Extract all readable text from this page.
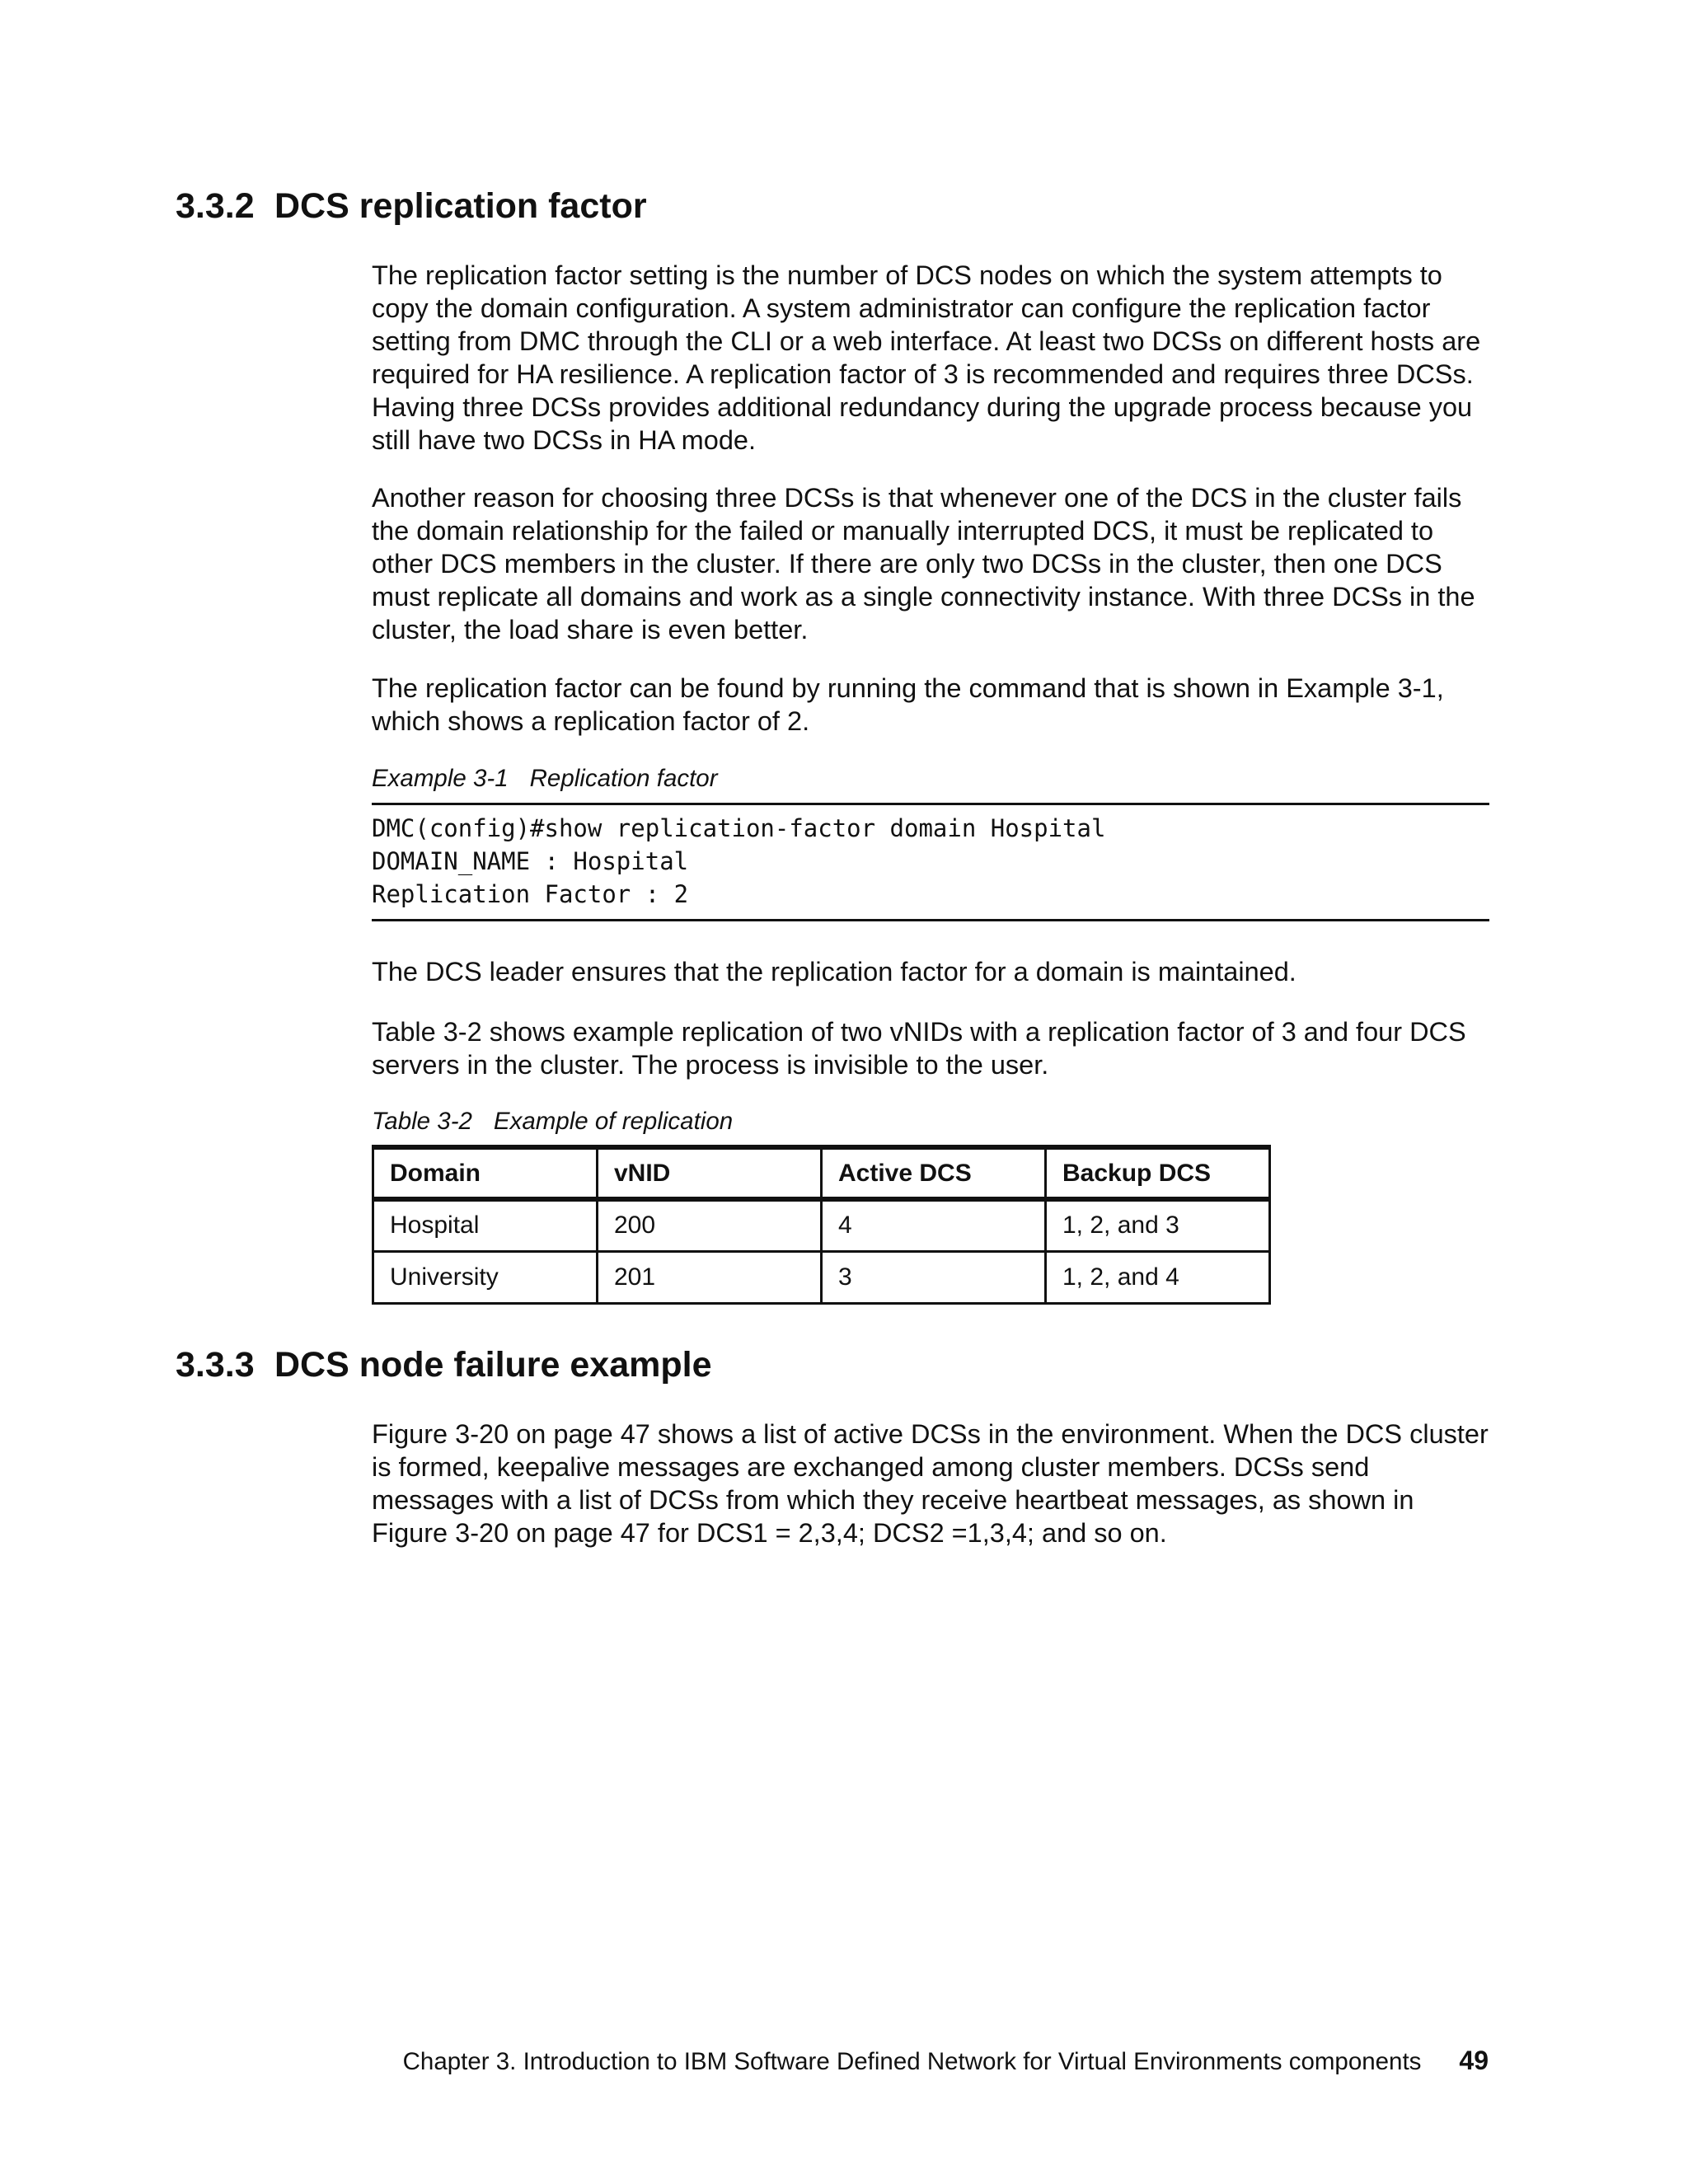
3.3.2 DCS replication factor

The replication factor setting is the number of DCS nodes on which the system attempts to copy the domain configuration. A system administrator can configure the replication factor setting from DMC through the CLI or a web interface. At least two DCSs on different hosts are required for HA resilience. A replication factor of 3 is recommended and requires three DCSs. Having three DCSs provides additional redundancy during the upgrade process because you still have two DCSs in HA mode.

Another reason for choosing three DCSs is that whenever one of the DCS in the cluster fails the domain relationship for the failed or manually interrupted DCS, it must be replicated to other DCS members in the cluster. If there are only two DCSs in the cluster, then one DCS must replicate all domains and work as a single connectivity instance. With three DCSs in the cluster, the load share is even better.

The replication factor can be found by running the command that is shown in Example 3-1, which shows a replication factor of 2.

Example 3-1 Replication factor

DMC(config)#show replication-factor domain Hospital
DOMAIN_NAME : Hospital
Replication Factor : 2

The DCS leader ensures that the replication factor for a domain is maintained.

Table 3-2 shows example replication of two vNIDs with a replication factor of 3 and four DCS servers in the cluster. The process is invisible to the user.

Table 3-2 Example of replication

Domain	vNID	Active DCS	Backup DCS
Hospital	200	4	1, 2, and 3
University	201	3	1, 2, and 4
3.3.3 DCS node failure example

Figure 3-20 on page 47 shows a list of active DCSs in the environment. When the DCS cluster is formed, keepalive messages are exchanged among cluster members. DCSs send messages with a list of DCSs from which they receive heartbeat messages, as shown in Figure 3-20 on page 47 for DCS1 = 2,3,4; DCS2 =1,3,4; and so on.

Chapter 3. Introduction to IBM Software Defined Network for Virtual Environments components 49
